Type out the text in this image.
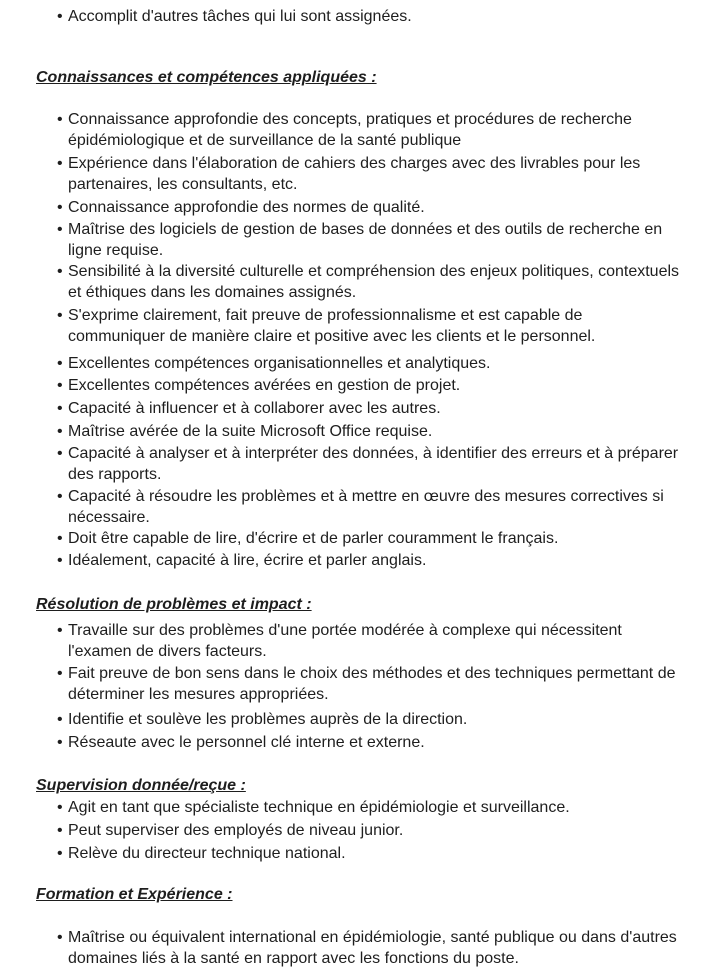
• Accomplit d'autres tâches qui lui sont assignées.
Connaissances et compétences appliquées :
• Connaissance approfondie des concepts, pratiques et procédures de recherche épidémiologique et de surveillance de la santé publique
• Expérience dans l'élaboration de cahiers des charges avec des livrables pour les partenaires, les consultants, etc.
• Connaissance approfondie des normes de qualité.
• Maîtrise des logiciels de gestion de bases de données et des outils de recherche en ligne requise.
• Sensibilité à la diversité culturelle et compréhension des enjeux politiques, contextuels et éthiques dans les domaines assignés.
• S'exprime clairement, fait preuve de professionnalisme et est capable de communiquer de manière claire et positive avec les clients et le personnel.
• Excellentes compétences organisationnelles et analytiques.
• Excellentes compétences avérées en gestion de projet.
• Capacité à influencer et à collaborer avec les autres.
• Maîtrise avérée de la suite Microsoft Office requise.
• Capacité à analyser et à interpréter des données, à identifier des erreurs et à préparer des rapports.
• Capacité à résoudre les problèmes et à mettre en œuvre des mesures correctives si nécessaire.
• Doit être capable de lire, d'écrire et de parler couramment le français.
• Idéalement, capacité à lire, écrire et parler anglais.
Résolution de problèmes et impact :
• Travaille sur des problèmes d'une portée modérée à complexe qui nécessitent l'examen de divers facteurs.
• Fait preuve de bon sens dans le choix des méthodes et des techniques permettant de déterminer les mesures appropriées.
• Identifie et soulève les problèmes auprès de la direction.
• Réseaute avec le personnel clé interne et externe.
Supervision donnée/reçue :
• Agit en tant que spécialiste technique en épidémiologie et surveillance.
• Peut superviser des employés de niveau junior.
• Relève du directeur technique national.
Formation et Expérience :
• Maîtrise ou équivalent international en épidémiologie, santé publique ou dans d'autres domaines liés à la santé en rapport avec les fonctions du poste.
